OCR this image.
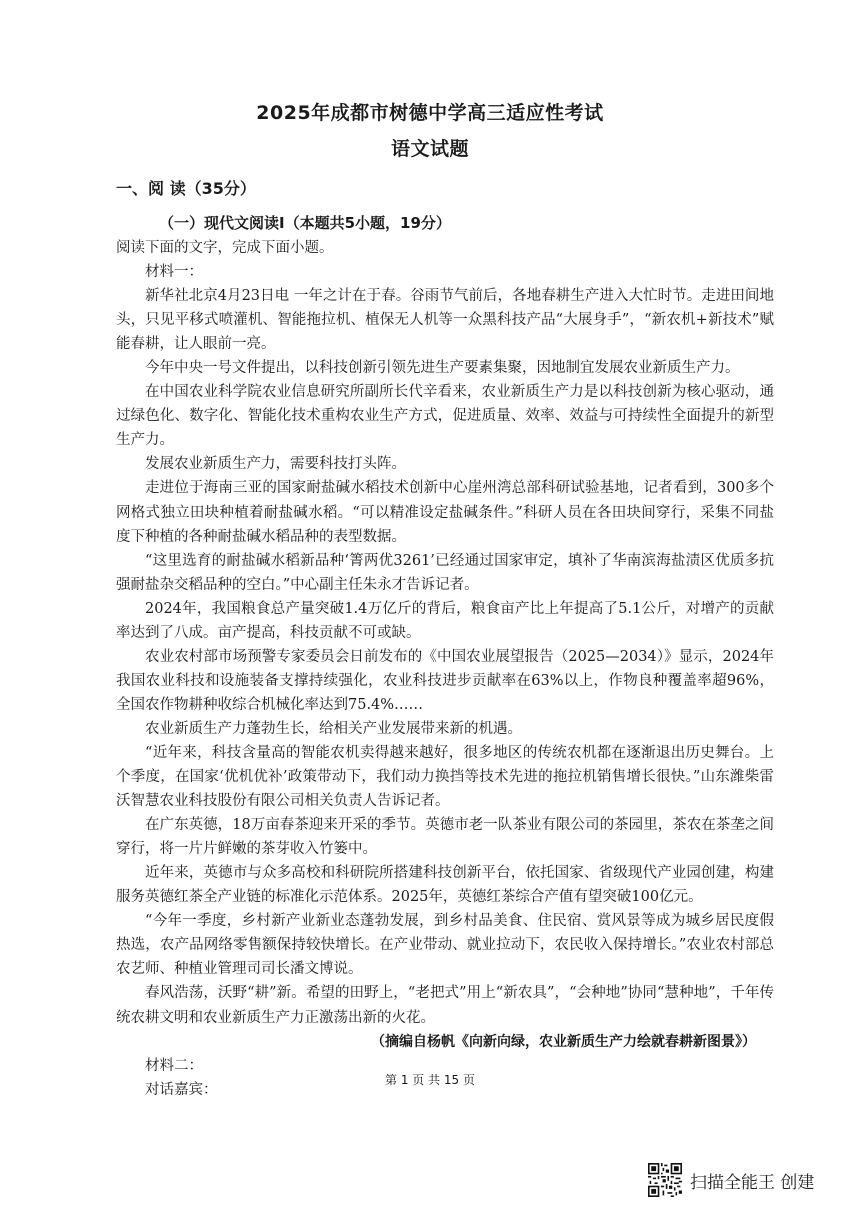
2025年成都市树德中学高三适应性考试
语文试题
一、阅 读（35分）
（一）现代文阅读Ⅰ（本题共5小题，19分）

阅读下面的文字，完成下面小题。

材料一：

新华社北京4月23日电 一年之计在于春。谷雨节气前后，各地春耕生产进入大忙时节。走进田间地头，只见平移式喷灌机、智能拖拉机、植保无人机等一众黑科技产品“大展身手”，“新农机+新技术”赋能春耕，让人眼前一亮。

今年中央一号文件提出，以科技创新引领先进生产要素集聚，因地制宜发展农业新质生产力。

在中国农业科学院农业信息研究所副所长代辛看来，农业新质生产力是以科技创新为核心驱动，通过绿色化、数字化、智能化技术重构农业生产方式，促进质量、效率、效益与可持续性全面提升的新型生产力。

发展农业新质生产力，需要科技打头阵。

走进位于海南三亚的国家耐盐碱水稻技术创新中心崖州湾总部科研试验基地，记者看到，300多个网格式独立田块种植着耐盐碱水稻。“可以精准设定盐碱条件。”科研人员在各田块间穿行，采集不同盐度下种植的各种耐盐碱水稻品种的表型数据。

“这里选育的耐盐碱水稻新品种‘箐两优3261’已经通过国家审定，填补了华南滨海盐渍区优质多抗强耐盐杂交稻品种的空白。”中心副主任朱永才告诉记者。

2024年，我国粮食总产量突破1.4万亿斤的背后，粮食亩产比上年提高了5.1公斤，对增产的贡献率达到了八成。亩产提高，科技贡献不可或缺。

农业农村部市场预警专家委员会日前发布的《中国农业展望报告（2025—2034）》显示，2024年我国农业科技和设施装备支撑持续强化，农业科技进步贡献率在63%以上，作物良种覆盖率超96%，全国农作物耕种收综合机械化率达到75.4%……

农业新质生产力蓬勃生长，给相关产业发展带来新的机遇。

“近年来，科技含量高的智能农机卖得越来越好，很多地区的传统农机都在逐渐退出历史舞台。上个季度，在国家‘优机优补’政策带动下，我们动力换挡等技术先进的拖拉机销售增长很快。”山东潍柴雷沃智慧农业科技股份有限公司相关负责人告诉记者。

在广东英德，18万亩春茶迎来开采的季节。英德市老一队茶业有限公司的茶园里，茶农在茶垄之间穿行，将一片片鲜嫩的茶芽收入竹篓中。

近年来，英德市与众多高校和科研院所搭建科技创新平台，依托国家、省级现代产业园创建，构建服务英德红茶全产业链的标准化示范体系。2025年，英德红茶综合产值有望突破100亿元。

“今年一季度，乡村新产业新业态蓬勃发展，到乡村品美食、住民宿、赏风景等成为城乡居民度假热选，农产品网络零售额保持较快增长。在产业带动、就业拉动下，农民收入保持增长。”农业农村部总农艺师、种植业管理司司长潘文博说。

春风浩荡，沃野“耕”新。希望的田野上，“老把式”用上“新农具”，“会种地”协同“慧种地”，千年传统农耕文明和农业新质生产力正激荡出新的火花。

（摘编自杨帆《向新向绿，农业新质生产力绘就春耕新图景》）

材料二：

对话嘉宾：

第 1 页 共 15 页
扫描全能王 创建
